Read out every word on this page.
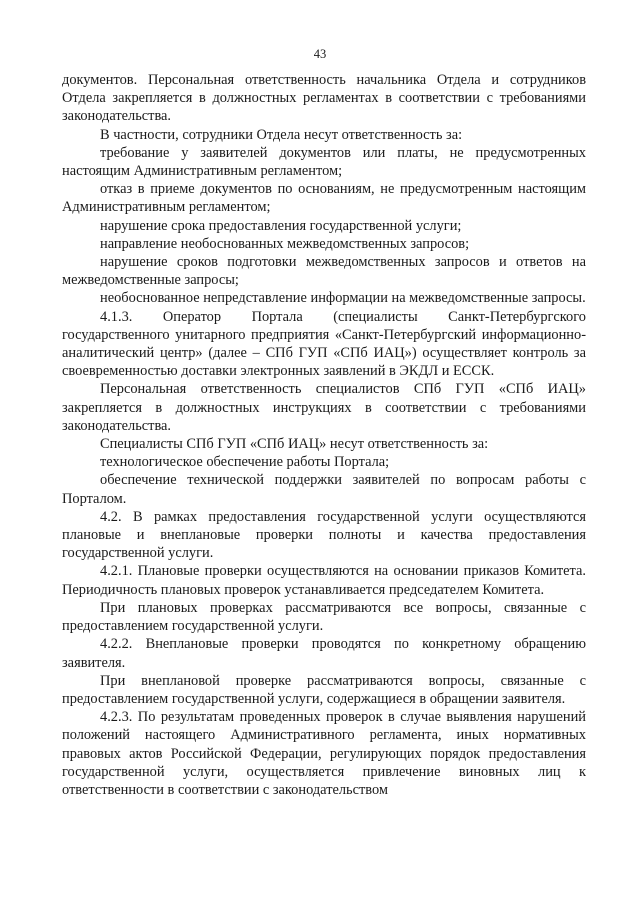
43

документов. Персональная ответственность начальника Отдела и сотрудников Отдела закрепляется в должностных регламентах в соответствии с требованиями законодательства.

В частности, сотрудники Отдела несут ответственность за:

требование у заявителей документов или платы, не предусмотренных настоящим Административным регламентом;

отказ в приеме документов по основаниям, не предусмотренным настоящим Административным регламентом;

нарушение срока предоставления государственной услуги;

направление необоснованных межведомственных запросов;

нарушение сроков подготовки межведомственных запросов и ответов на межведомственные запросы;

необоснованное непредставление информации на межведомственные запросы.

4.1.3. Оператор Портала (специалисты Санкт-Петербургского государственного унитарного предприятия «Санкт-Петербургский информационно-аналитический центр» (далее – СПб ГУП «СПб ИАЦ») осуществляет контроль за своевременностью доставки электронных заявлений в ЭКДЛ и ЕССК.

Персональная ответственность специалистов СПб ГУП «СПб ИАЦ» закрепляется в должностных инструкциях в соответствии с требованиями законодательства.

Специалисты СПб ГУП «СПб ИАЦ» несут ответственность за:

технологическое обеспечение работы Портала;

обеспечение технической поддержки заявителей по вопросам работы с Порталом.

4.2. В рамках предоставления государственной услуги осуществляются плановые и внеплановые проверки полноты и качества предоставления государственной услуги.

4.2.1. Плановые проверки осуществляются на основании приказов Комитета. Периодичность плановых проверок устанавливается председателем Комитета.

При плановых проверках рассматриваются все вопросы, связанные с предоставлением государственной услуги.

4.2.2. Внеплановые проверки проводятся по конкретному обращению заявителя.

При внеплановой проверке рассматриваются вопросы, связанные с предоставлением государственной услуги, содержащиеся в обращении заявителя.

4.2.3. По результатам проведенных проверок в случае выявления нарушений положений настоящего Административного регламента, иных нормативных правовых актов Российской Федерации, регулирующих порядок предоставления государственной услуги, осуществляется привлечение виновных лиц к ответственности в соответствии с законодательством
